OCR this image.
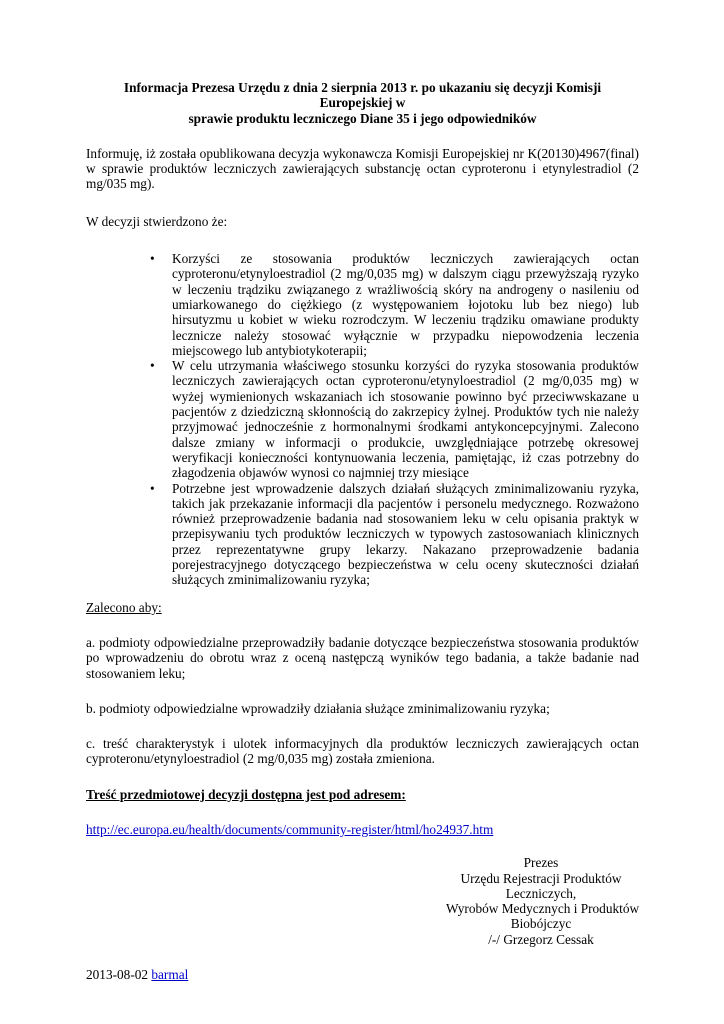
Informacja Prezesa Urzędu z dnia 2 sierpnia 2013 r. po ukazaniu się decyzji Komisji Europejskiej w
sprawie produktu leczniczego Diane 35 i jego odpowiedników

Informuję, iż została opublikowana decyzja wykonawcza Komisji Europejskiej nr K(20130)4967(final) w sprawie produktów leczniczych zawierających substancję octan cyproteronu i etynylestradiol (2 mg/035 mg).

W decyzji stwierdzono że:

• Korzyści ze stosowania produktów leczniczych zawierających octan cyproteronu/etynyloestradiol (2 mg/0,035 mg) w dalszym ciągu przewyższają ryzyko w leczeniu trądziku związanego z wrażliwością skóry na androgeny o nasileniu od umiarkowanego do ciężkiego (z występowaniem łojotoku lub bez niego) lub hirsutyzmu u kobiet w wieku rozrodczym. W leczeniu trądziku omawiane produkty lecznicze należy stosować wyłącznie w przypadku niepowodzenia leczenia miejscowego lub antybiotykoterapii;
• W celu utrzymania właściwego stosunku korzyści do ryzyka stosowania produktów leczniczych zawierających octan cyproteronu/etynyloestradiol (2 mg/0,035 mg) w wyżej wymienionych wskazaniach ich stosowanie powinno być przeciwwskazane u pacjentów z dziedziczną skłonnością do zakrzepicy żylnej. Produktów tych nie należy przyjmować jednocześnie z hormonalnymi środkami antykoncepcyjnymi. Zalecono dalsze zmiany w informacji o produkcie, uwzględniające potrzebę okresowej weryfikacji konieczności kontynuowania leczenia, pamiętając, iż czas potrzebny do złagodzenia objawów wynosi co najmniej trzy miesiące
• Potrzebne jest wprowadzenie dalszych działań służących zminimalizowaniu ryzyka, takich jak przekazanie informacji dla pacjentów i personelu medycznego. Rozważono również przeprowadzenie badania nad stosowaniem leku w celu opisania praktyk w przepisywaniu tych produktów leczniczych w typowych zastosowaniach klinicznych przez reprezentatywne grupy lekarzy. Nakazano przeprowadzenie badania porejestracyjnego dotyczącego bezpieczeństwa w celu oceny skuteczności działań służących zminimalizowaniu ryzyka;

Zalecono aby:

a. podmioty odpowiedzialne przeprowadziły badanie dotyczące bezpieczeństwa stosowania produktów po wprowadzeniu do obrotu wraz z oceną następczą wyników tego badania, a także badanie nad stosowaniem leku;

b. podmioty odpowiedzialne wprowadziły działania służące zminimalizowaniu ryzyka;

c. treść charakterystyk i ulotek informacyjnych dla produktów leczniczych zawierających octan cyproteronu/etynyloestradiol (2 mg/0,035 mg) została zmieniona.

Treść przedmiotowej decyzji dostępna jest pod adresem:

http://ec.europa.eu/health/documents/community-register/html/ho24937.htm

Prezes
Urzędu Rejestracji Produktów
Leczniczych,
Wyrobów Medycznych i Produktów
Biobójczyc
/-/ Grzegorz Cessak

2013-08-02 barmal
